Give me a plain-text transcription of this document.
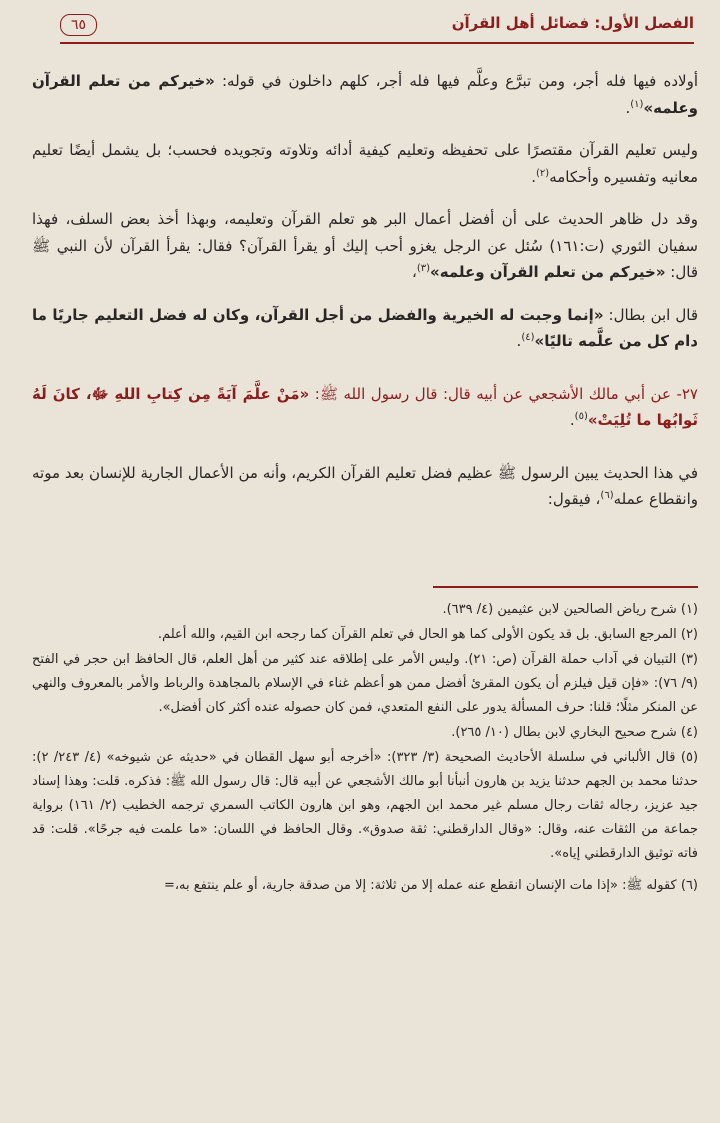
الفصل الأول: فضائل أهل القرآن
٦٥

أولاده فيها فله أجر، ومن تبرَّع وعلَّم فيها فله أجر، كلهم داخلون في قوله: «خيركم من تعلم القرآن وعلمه»$^{(١)}$.

وليس تعليم القرآن مقتصرًا على تحفيظه وتعليم كيفية أدائه وتلاوته وتجويده فحسب؛ بل يشمل أيضًا تعليم معانيه وتفسيره وأحكامه$^{(٢)}$.

وقد دل ظاهر الحديث على أن أفضل أعمال البر هو تعلم القرآن وتعليمه، وبهذا أخذ بعض السلف، فهذا سفيان الثوري (ت:١٦١) سُئل عن الرجل يغزو أحب إليك أو يقرأ القرآن؟ فقال: يقرأ القرآن لأن النبي ﷺ قال: «خيركم من تعلم القرآن وعلمه»$^{(٣)}$،

قال ابن بطال: «إنما وجبت له الخيرية والفضل من أجل القرآن، وكان له فضل التعليم جاريًا ما دام كل من علَّمه تاليًا»$^{(٤)}$.

٢٧- عن أبي مالك الأشجعي عن أبيه قال: قال رسول الله ﷺ: «مَنْ علَّمَ آيَةً مِن كِتابِ اللهِ ﷻ، كانَ لَهُ ثَوابُها ما تُلِيَتْ»$^{(٥)}$.

في هذا الحديث يبين الرسول ﷺ عظيم فضل تعليم القرآن الكريم، وأنه من الأعمال الجارية للإنسان بعد موته وانقطاع عمله$^{(٦)}$، فيقول:

(١) شرح رياض الصالحين لابن عثيمين (٤/ ٦٣٩).

(٢) المرجع السابق. بل قد يكون الأولى كما هو الحال في تعلم القرآن كما رجحه ابن القيم، والله أعلم.

(٣) التبيان في آداب حملة القرآن (ص: ٢١). وليس الأمر على إطلاقه عند كثير من أهل العلم، قال الحافظ ابن حجر في الفتح (٩/ ٧٦): «فإن قيل فيلزم أن يكون المقرئ أفضل ممن هو أعظم غناء في الإسلام بالمجاهدة والرباط والأمر بالمعروف والنهي عن المنكر مثلًا؛ قلنا: حرف المسألة يدور على النفع المتعدي، فمن كان حصوله عنده أكثر كان أفضل».

(٤) شرح صحيح البخاري لابن بطال (١٠/ ٢٦٥).

(٥) قال الألباني في سلسلة الأحاديث الصحيحة (٣/ ٣٢٣): «أخرجه أبو سهل القطان في «حديثه عن شيوخه» (٤/ ٢٤٣/ ٢): حدثنا محمد بن الجهم حدثنا يزيد بن هارون أنبأنا أبو مالك الأشجعي عن أبيه قال: قال رسول الله ﷺ: فذكره. قلت: وهذا إسناد جيد عزيز، رجاله ثقات رجال مسلم غير محمد ابن الجهم، وهو ابن هارون الكاتب السمري ترجمه الخطيب (٢/ ١٦١) برواية جماعة من الثقات عنه، وقال: «وقال الدارقطني: ثقة صدوق». وقال الحافظ في اللسان: «ما علمت فيه جرحًا». قلت: قد فاته توثيق الدارقطني إياه».

(٦) كقوله ﷺ: «إذا مات الإنسان انقطع عنه عمله إلا من ثلاثة: إلا من صدقة جارية، أو علم ينتفع به،=
